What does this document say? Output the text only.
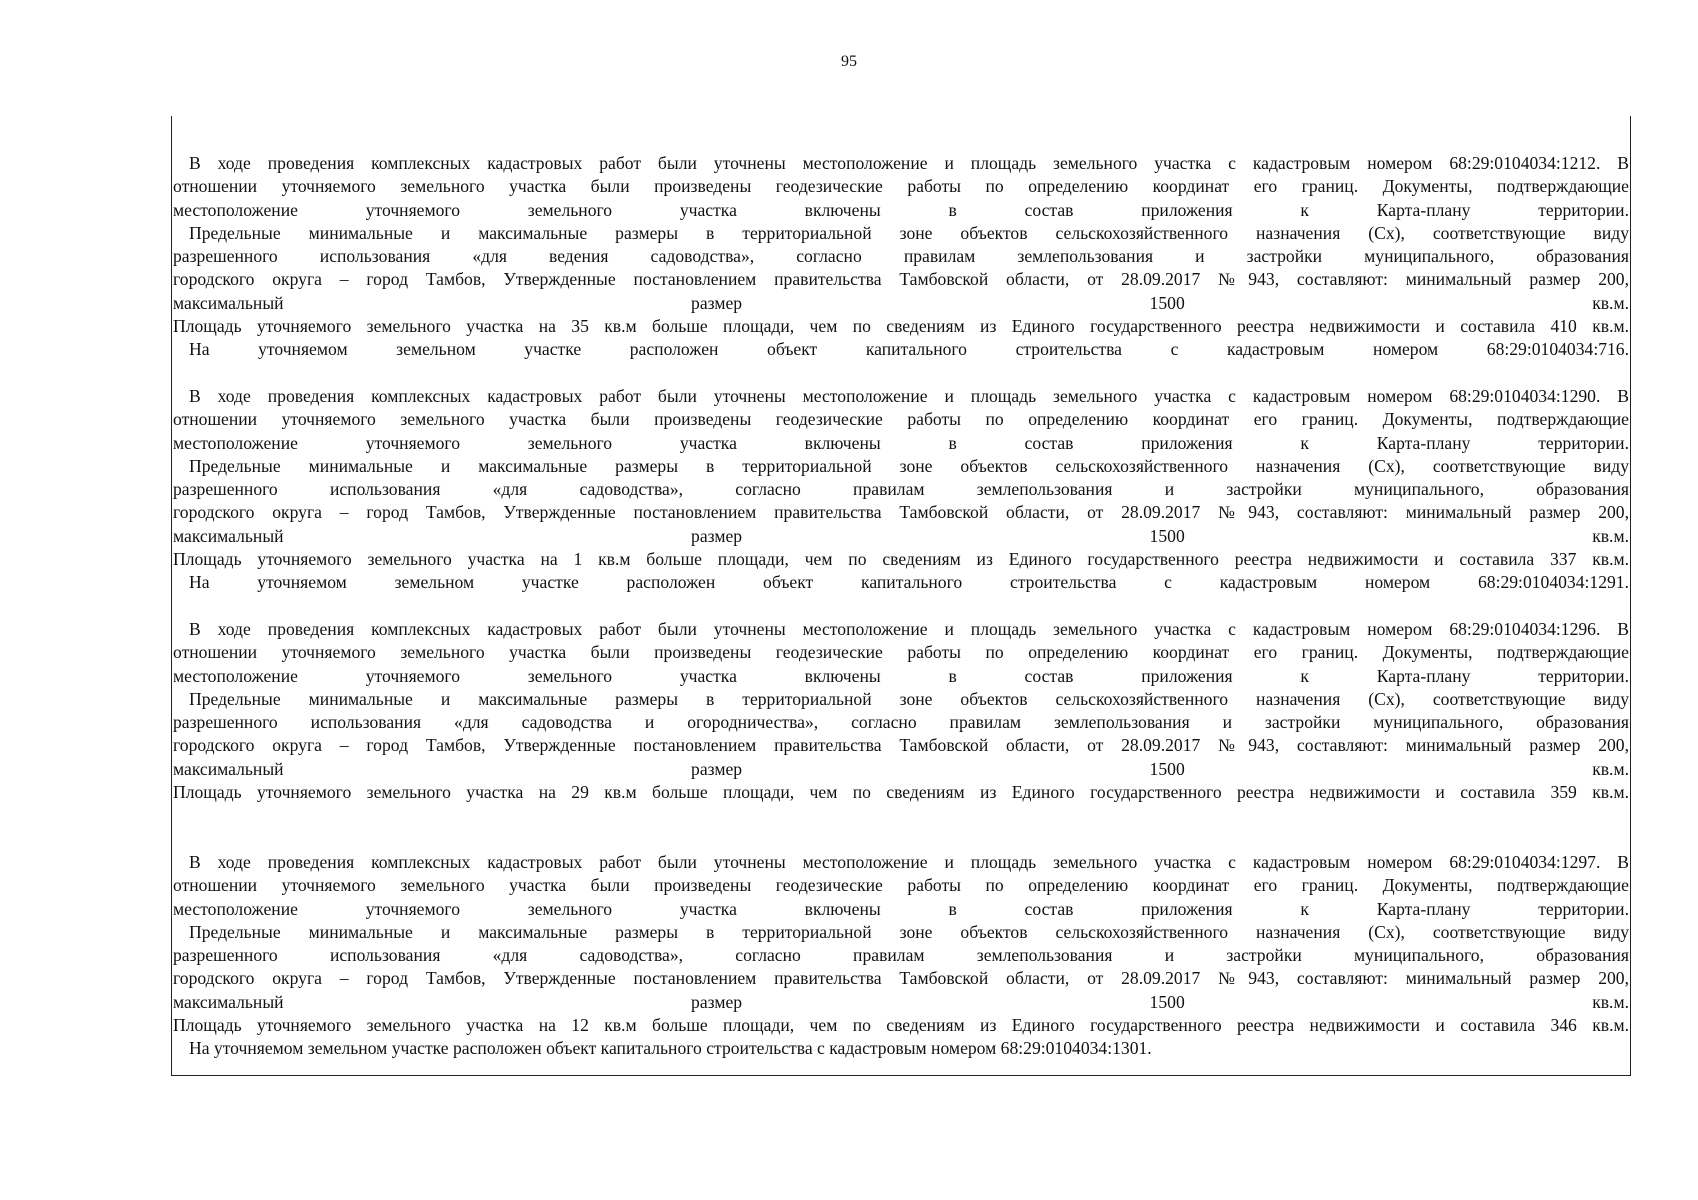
95
В ходе проведения комплексных кадастровых работ были уточнены местоположение и площадь земельного участка с кадастровым номером 68:29:0104034:1212. В
отношении уточняемого земельного участка были произведены геодезические работы по определению координат его границ. Документы, подтверждающие
местоположение уточняемого земельного участка включены в состав приложения к Карта-плану территории.
Предельные минимальные и максимальные размеры в территориальной зоне объектов сельскохозяйственного назначения (Сх), соответствующие виду
разрешенного использования «для ведения садоводства», согласно правилам землепользования и застройки муниципального, образования
городского округа – город Тамбов, Утвержденные постановлением правительства Тамбовской области, от 28.09.2017 №943, составляют: минимальный размер 200,
максимальный размер 1500 кв.м.
Площадь уточняемого земельного участка на 35 кв.м больше площади, чем по сведениям из Единого государственного реестра недвижимости и составила 410 кв.м.
На уточняемом земельном участке расположен объект капитального строительства с кадастровым номером 68:29:0104034:716.
В ходе проведения комплексных кадастровых работ были уточнены местоположение и площадь земельного участка с кадастровым номером 68:29:0104034:1290. В
отношении уточняемого земельного участка были произведены геодезические работы по определению координат его границ. Документы, подтверждающие
местоположение уточняемого земельного участка включены в состав приложения к Карта-плану территории.
Предельные минимальные и максимальные размеры в территориальной зоне объектов сельскохозяйственного назначения (Сх), соответствующие виду
разрешенного использования «для садоводства», согласно правилам землепользования и застройки муниципального, образования
городского округа – город Тамбов, Утвержденные постановлением правительства Тамбовской области, от 28.09.2017 №943, составляют: минимальный размер 200,
максимальный размер 1500 кв.м.
Площадь уточняемого земельного участка на 1 кв.м больше площади, чем по сведениям из Единого государственного реестра недвижимости и составила 337 кв.м.
На уточняемом земельном участке расположен объект капитального строительства с кадастровым номером 68:29:0104034:1291.
В ходе проведения комплексных кадастровых работ были уточнены местоположение и площадь земельного участка с кадастровым номером 68:29:0104034:1296. В
отношении уточняемого земельного участка были произведены геодезические работы по определению координат его границ. Документы, подтверждающие
местоположение уточняемого земельного участка включены в состав приложения к Карта-плану территории.
Предельные минимальные и максимальные размеры в территориальной зоне объектов сельскохозяйственного назначения (Сх), соответствующие виду
разрешенного использования «для садоводства и огородничества», согласно правилам землепользования и застройки муниципального, образования
городского округа – город Тамбов, Утвержденные постановлением правительства Тамбовской области, от 28.09.2017 №943, составляют: минимальный размер 200,
максимальный размер 1500 кв.м.
Площадь уточняемого земельного участка на 29 кв.м больше площади, чем по сведениям из Единого государственного реестра недвижимости и составила 359 кв.м.
В ходе проведения комплексных кадастровых работ были уточнены местоположение и площадь земельного участка с кадастровым номером 68:29:0104034:1297. В
отношении уточняемого земельного участка были произведены геодезические работы по определению координат его границ. Документы, подтверждающие
местоположение уточняемого земельного участка включены в состав приложения к Карта-плану территории.
Предельные минимальные и максимальные размеры в территориальной зоне объектов сельскохозяйственного назначения (Сх), соответствующие виду
разрешенного использования «для садоводства», согласно правилам землепользования и застройки муниципального, образования
городского округа – город Тамбов, Утвержденные постановлением правительства Тамбовской области, от 28.09.2017 №943, составляют: минимальный размер 200,
максимальный размер 1500 кв.м.
Площадь уточняемого земельного участка на 12 кв.м больше площади, чем по сведениям из Единого государственного реестра недвижимости и составила 346 кв.м.
На уточняемом земельном участке расположен объект капитального строительства с кадастровым номером 68:29:0104034:1301.
